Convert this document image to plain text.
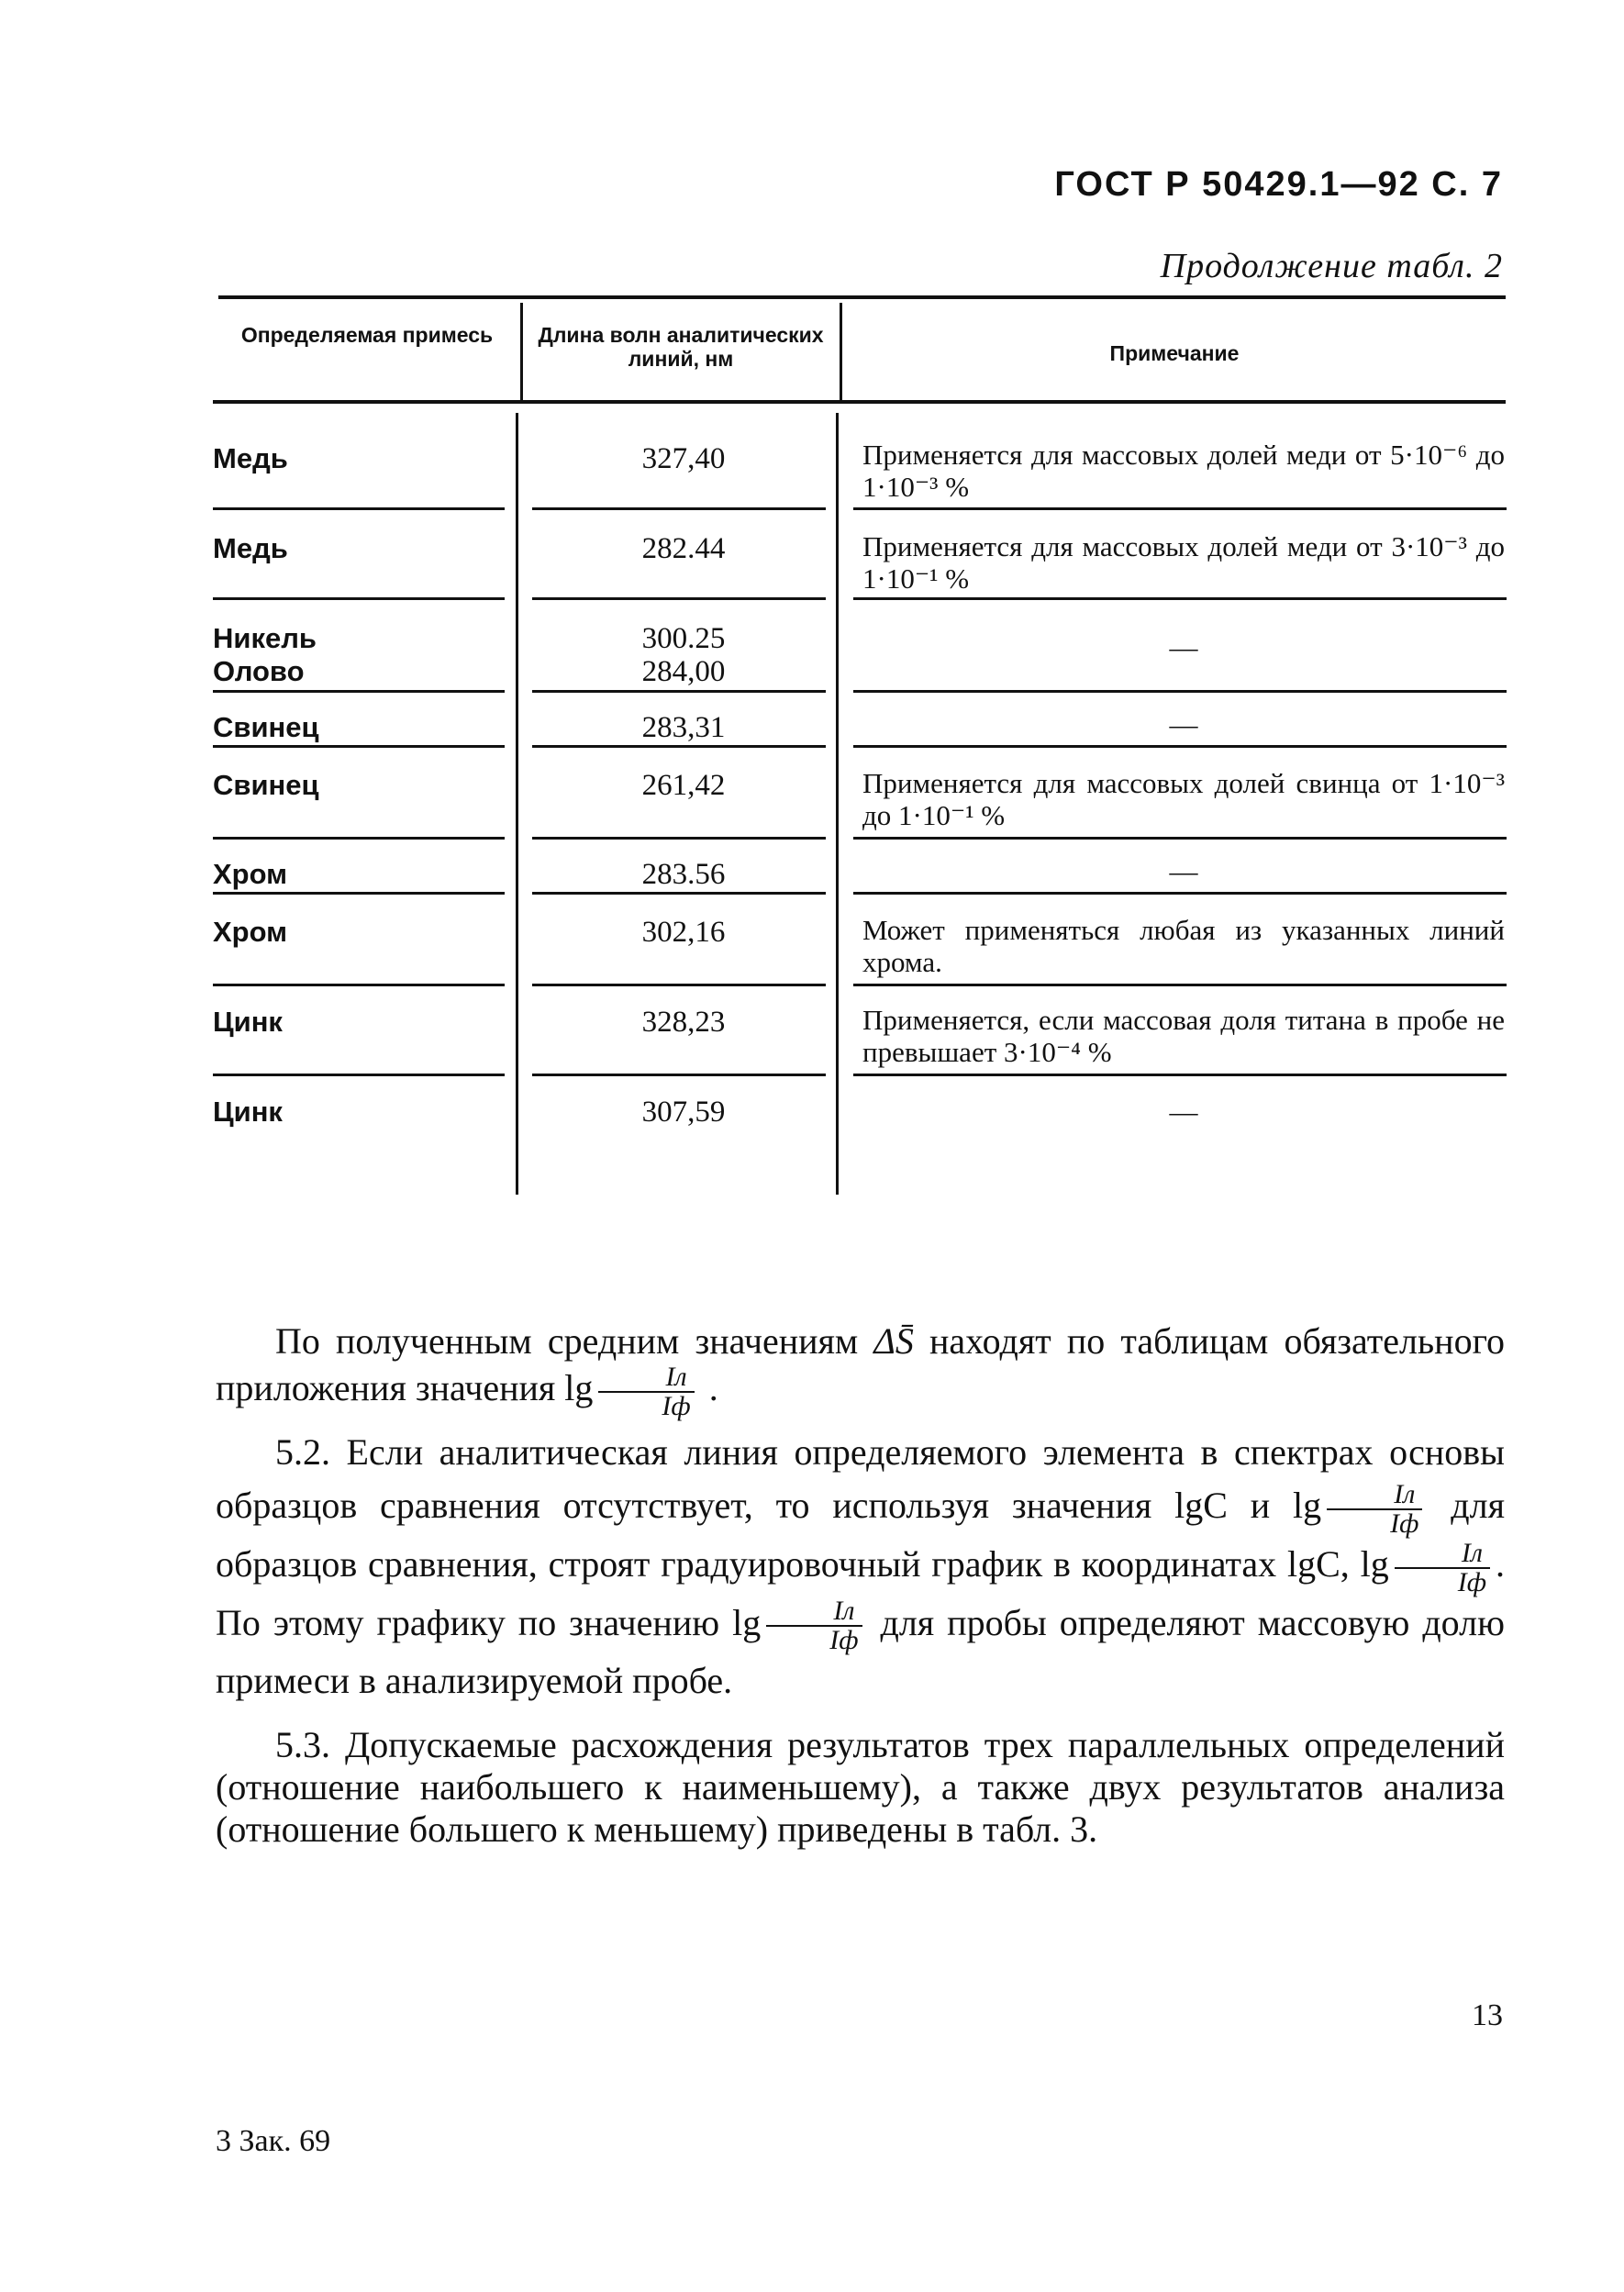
ГОСТ Р 50429.1—92 С. 7
Продолжение табл. 2
Определяемая примесь	Длина волн аналитических линий, нм	Примечание
Медь	327,40	Применяется для массовых долей меди от 5·10⁻⁶ до 1·10⁻³ %
Медь	282.44	Применяется для массовых долей меди от 3·10⁻³ до 1·10⁻¹ %
Никель	300.25	—
Олово	284,00
Свинец	283,31	—
Свинец	261,42	Применяется для массовых долей свинца от 1·10⁻³ до 1·10⁻¹ %
Хром	283.56	—
Хром	302,16	Может применяться любая из указанных линий хрома.
Цинк	328,23	Применяется, если массовая доля титана в пробе не превышает 3·10⁻⁴ %
Цинк	307,59	—

По полученным средним значениям ΔS̄ находят по таблицам обязательного приложения значения $\lg \frac{Iл}{Iф}$ .

5.2. Если аналитическая линия определяемого элемента в спектрах основы образцов сравнения отсутствует, то используя значения lgC и $\lg \frac{Iл}{Iф}$ для образцов сравнения, строят градуировочный график в координатах lgC, $\lg \frac{Iл}{Iф}$ . По этому графику по значению $\lg \frac{Iл}{Iф}$ для пробы определяют массовую долю примеси в анализируемой пробе.

5.3. Допускаемые расхождения результатов трех параллельных определений (отношение наибольшего к наименьшему), а также двух результатов анализа (отношение большего к меньшему) приведены в табл. 3.

13
3 Зак. 69
